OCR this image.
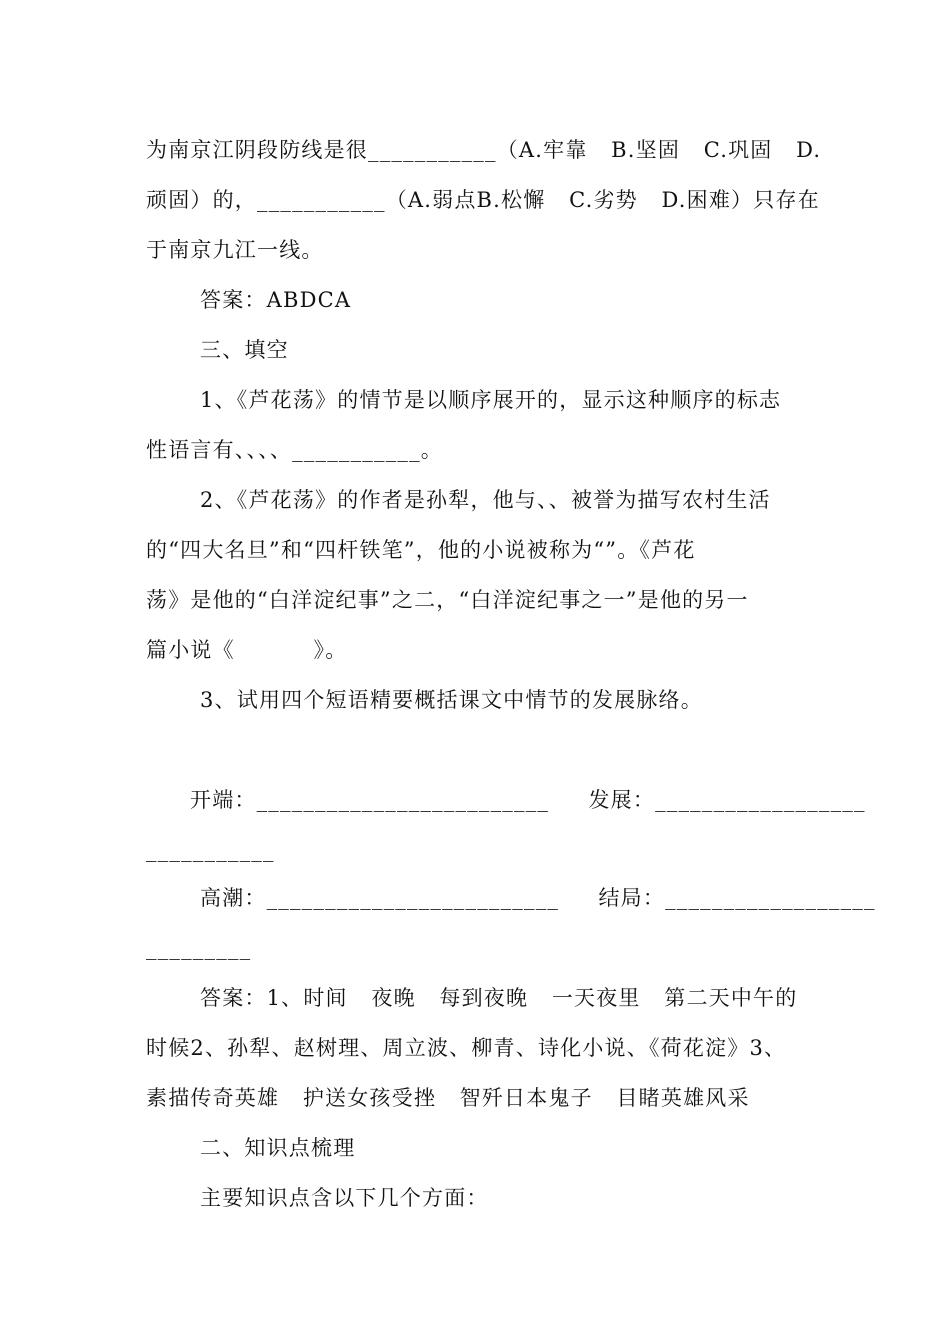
为南京江阴段防线是很___________（A.牢靠   B.坚固   C.巩固   D.
顽固）的，___________（A.弱点B.松懈   C.劣势   D.困难）只存在
于南京九江一线。
答案：ABDCA
三、填空
1、《芦花荡》的情节是以顺序展开的，显示这种顺序的标志
性语言有、、、、___________。
2、《芦花荡》的作者是孙犁，他与、、被誉为描写农村生活
的“四大名旦”和“四杆铁笔”，他的小说被称为“”。《芦花
荡》是他的“白洋淀纪事”之二，“白洋淀纪事之一”是他的另一
篇小说《          》。
3、试用四个短语精要概括课文中情节的发展脉络。
开端：_________________________     发展：__________________
___________
高潮：_________________________     结局：__________________
_________
答案：1、时间   夜晚   每到夜晚   一天夜里   第二天中午的
时候2、孙犁、赵树理、周立波、柳青、诗化小说、《荷花淀》3、
素描传奇英雄   护送女孩受挫   智歼日本鬼子   目睹英雄风采
二、知识点梳理
主要知识点含以下几个方面：
